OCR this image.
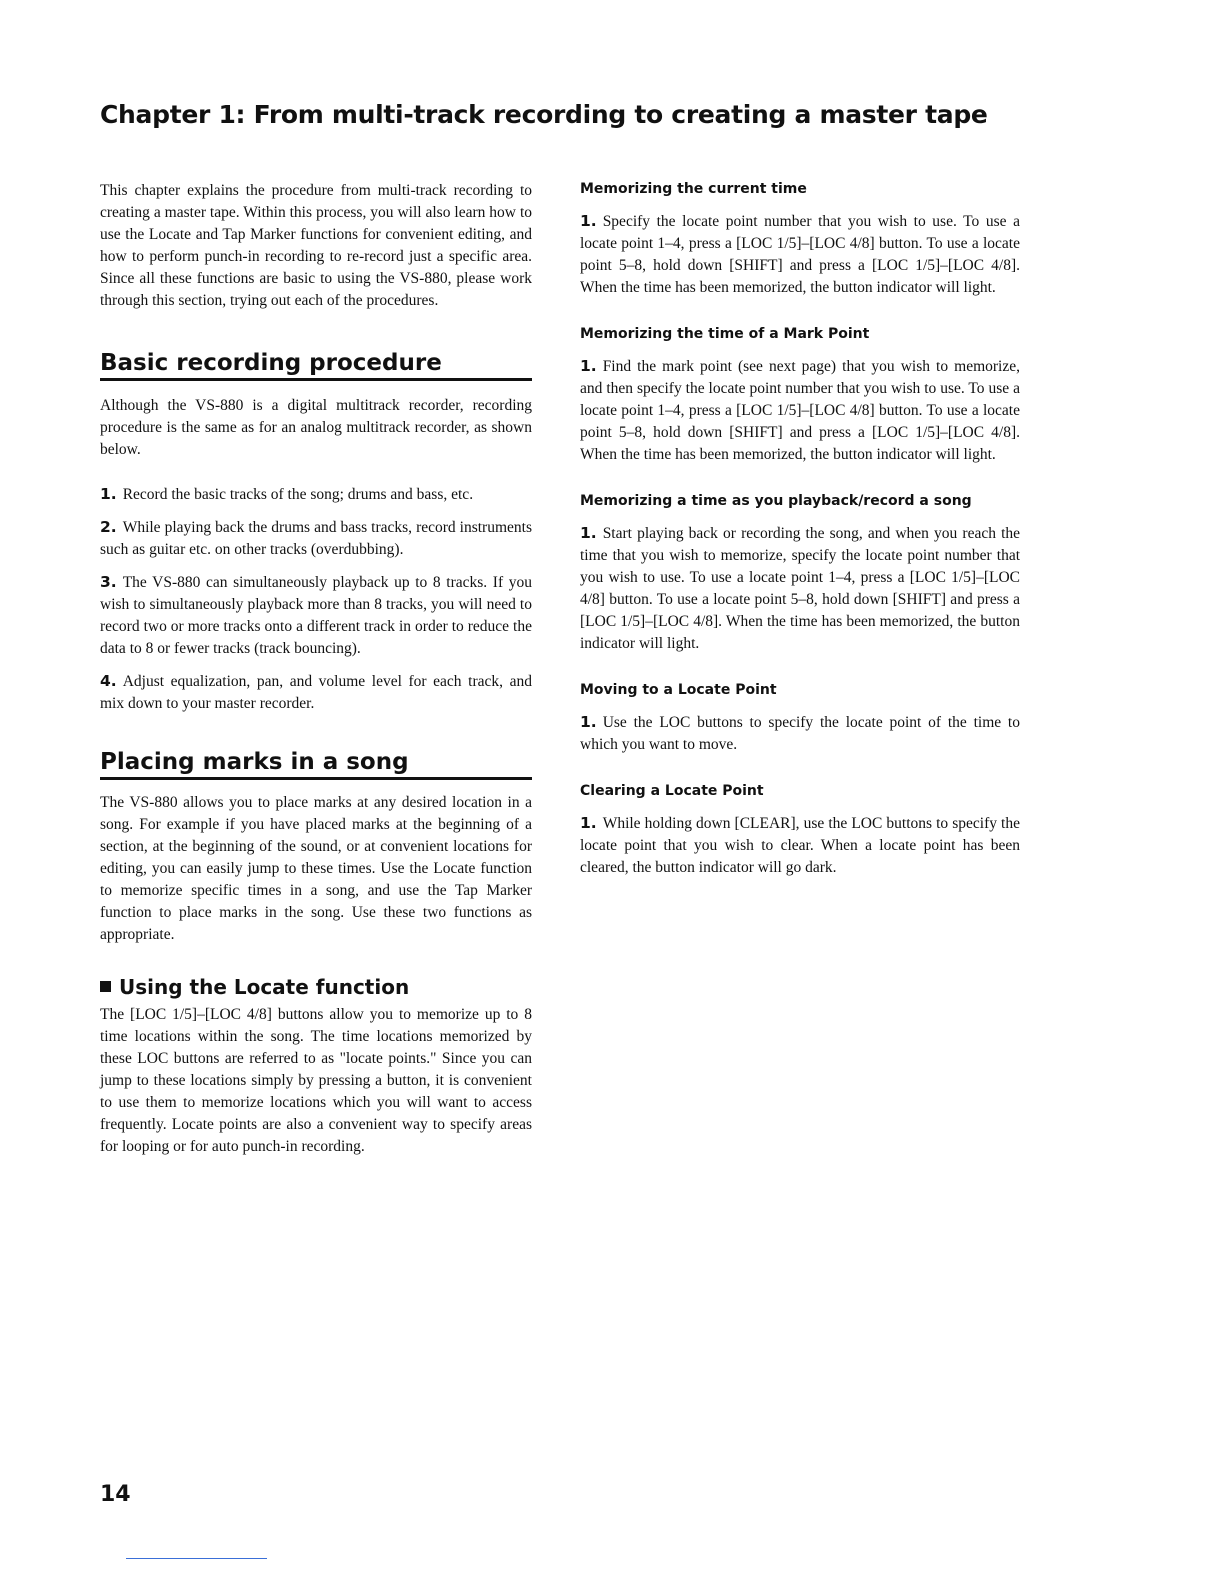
Chapter 1: From multi-track recording to creating a master tape

This chapter explains the procedure from multi-track recording to creating a master tape. Within this process, you will also learn how to use the Locate and Tap Marker functions for convenient editing, and how to perform punch-in recording to re-record just a specific area. Since all these functions are basic to using the VS-880, please work through this section, trying out each of the procedures.

Basic recording procedure

Although the VS-880 is a digital multitrack recorder, recording procedure is the same as for an analog multitrack recorder, as shown below.

1. Record the basic tracks of the song; drums and bass, etc.

2. While playing back the drums and bass tracks, record instruments such as guitar etc. on other tracks (overdubbing).

3. The VS-880 can simultaneously playback up to 8 tracks. If you wish to simultaneously playback more than 8 tracks, you will need to record two or more tracks onto a different track in order to reduce the data to 8 or fewer tracks (track bouncing).

4. Adjust equalization, pan, and volume level for each track, and mix down to your master recorder.

Placing marks in a song

The VS-880 allows you to place marks at any desired location in a song. For example if you have placed marks at the beginning of a section, at the beginning of the sound, or at convenient locations for editing, you can easily jump to these times. Use the Locate function to memorize specific times in a song, and use the Tap Marker function to place marks in the song. Use these two functions as appropriate.

Using the Locate function

The [LOC 1/5]–[LOC 4/8] buttons allow you to memorize up to 8 time locations within the song. The time locations memorized by these LOC buttons are referred to as "locate points." Since you can jump to these locations simply by pressing a button, it is convenient to use them to memorize locations which you will want to access frequently. Locate points are also a convenient way to specify areas for looping or for auto punch-in recording.

Memorizing the current time

1. Specify the locate point number that you wish to use. To use a locate point 1–4, press a [LOC 1/5]–[LOC 4/8] button. To use a locate point 5–8, hold down [SHIFT] and press a [LOC 1/5]–[LOC 4/8]. When the time has been memorized, the button indicator will light.

Memorizing the time of a Mark Point

1. Find the mark point (see next page) that you wish to memorize, and then specify the locate point number that you wish to use. To use a locate point 1–4, press a [LOC 1/5]–[LOC 4/8] button. To use a locate point 5–8, hold down [SHIFT] and press a [LOC 1/5]–[LOC 4/8]. When the time has been memorized, the button indicator will light.

Memorizing a time as you playback/record a song

1. Start playing back or recording the song, and when you reach the time that you wish to memorize, specify the locate point number that you wish to use. To use a locate point 1–4, press a [LOC 1/5]–[LOC 4/8] button. To use a locate point 5–8, hold down [SHIFT] and press a [LOC 1/5]–[LOC 4/8]. When the time has been memorized, the button indicator will light.

Moving to a Locate Point

1. Use the LOC buttons to specify the locate point of the time to which you want to move.

Clearing a Locate Point

1. While holding down [CLEAR], use the LOC buttons to specify the locate point that you wish to clear. When a locate point has been cleared, the button indicator will go dark.

14
